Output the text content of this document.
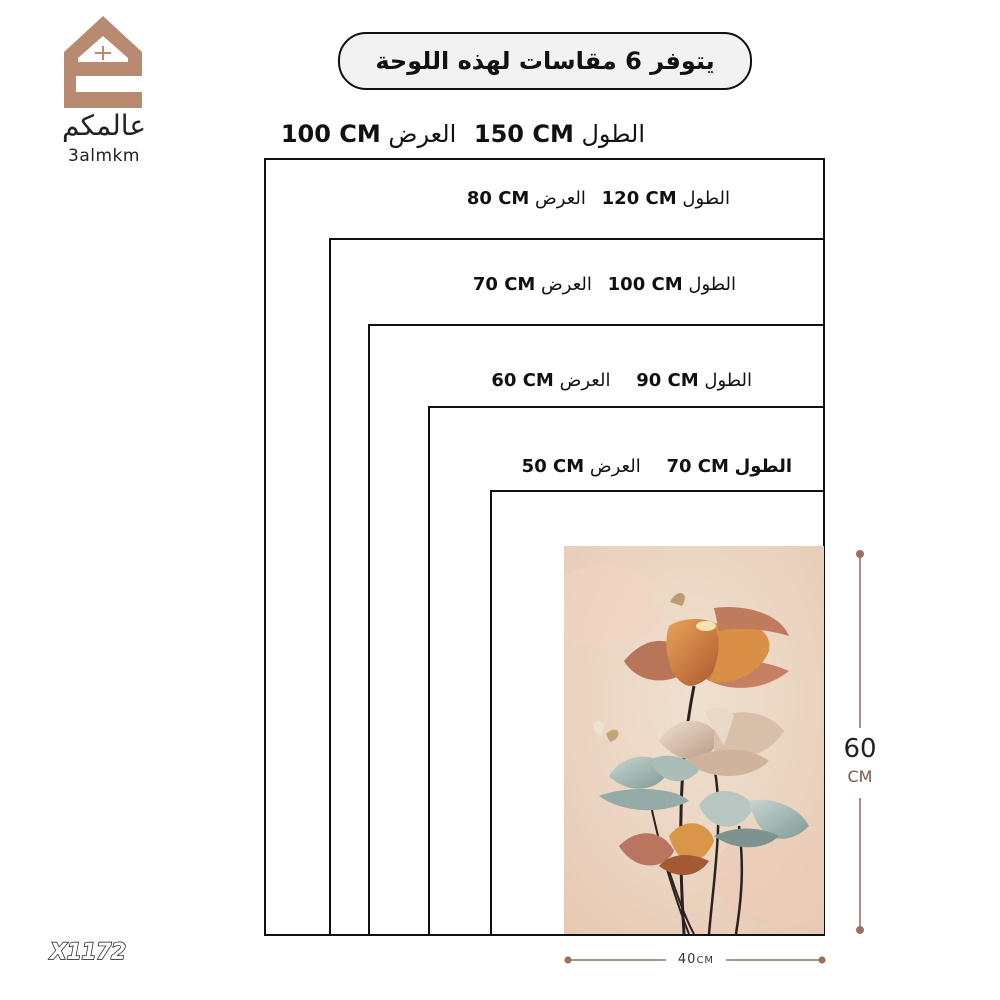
عالمكم
3almkm
يتوفر 6 مقاسات لهذه اللوحة
الطول 150 CM العرض 100 CM
الطول 120 CM العرض 80 CM
الطول 100 CM العرض 70 CM
الطول 90 CM العرض 60 CM
الطول 70 CM العرض 50 CM
60
CM
40CM
X1172
